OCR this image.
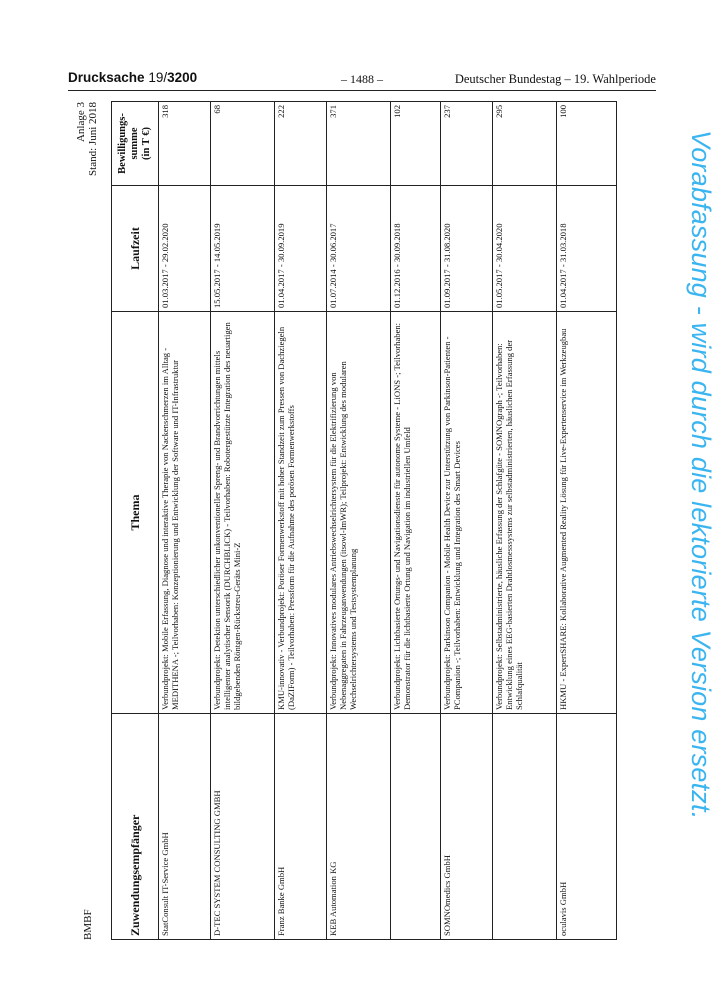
Drucksache 19/3200	– 1488 –	Deutscher Bundestag – 19. Wahlperiode
Vorabfassung - wird durch die lektorierte Version ersetzt.
BMBF
Anlage 3 Stand: Juni 2018
Zuwendungsempfänger	Thema	Laufzeit	Bewilligungs-
summe
(in T €)
StatConsult IT-Service GmbH	Verbundprojekt: Mobile Erfassung, Diagnose und interaktive Therapie von Nackenschmerzen im Alltag - MEDITHENA -; Teilvorhaben: Konzeptionierung und Entwicklung der Software und IT-Infrastruktur	01.03.2017 - 29.02.2020	318
D-TEC SYSTEM CONSULTING GMBH	Verbundprojekt: Detektion unterschiedlicher unkonventioneller Spreng- und Brandvorrichtungen mittels intelligenter analytischer Sensorik (DURCHBLICK) - Teilvorhaben: Robotergestützte Integration des neuartigen bildgebenden Röntgen-Rückstreu-Geräts Mini-Z	15.05.2017 - 14.05.2019	68
Franz Banke GmbH	KMU-innovativ - Verbundprojekt: Poröser Formenwerkstoff mit hoher Standzeit zum Pressen von Dachziegeln (DaZIForm) - Teilvorhaben: Pressform für die Aufnahme des porösen Formenwerkstoffs	01.04.2017 - 30.09.2019	222
KEB Automation KG	Verbundprojekt: Innovatives modulares Antriebswechselrichtersystem für die Elektrifizierung von Nebenaggregaten in Fahrzeuganwendungen (itsowl-ImWR); Teilprojekt: Entwicklung des modularen Wechselrichtersystems und Testsystemplanung	01.07.2014 - 30.06.2017	371
	Verbundprojekt: Lichtbasierte Ortungs- und Navigationsdienste für autonome Systeme - LiONS -; Teilvorhaben: Demonstrator für die lichtbasierte Ortung und Navigation im industriellen Umfeld	01.12.2016 - 30.09.2018	102
SOMNOmedics GmbH	Verbundprojekt: Parkinson Companion - Mobile Health Device zur Unterstützung von Parkinson-Patienten - PCompanion -; Teilvorhaben: Entwicklung und Integration des Smart Devices	01.09.2017 - 31.08.2020	237
	Verbundprojekt: Selbstadministrierte, häusliche Erfassung der Schlafgüte - SOMNOgraph -; Teilvorhaben: Entwicklung eines EEG-basierten Drahtlosmesssystems zur selbstadministrierten, häuslichen Erfassung der Schlafqualität	01.05.2017 - 30.04.2020	295
oculavis GmbH	HKMU - ExpertSHARE: Kollaborative Augmented Reality Lösung für Live-Expertenservice im Werkzeugbau	01.04.2017 - 31.03.2018	100
